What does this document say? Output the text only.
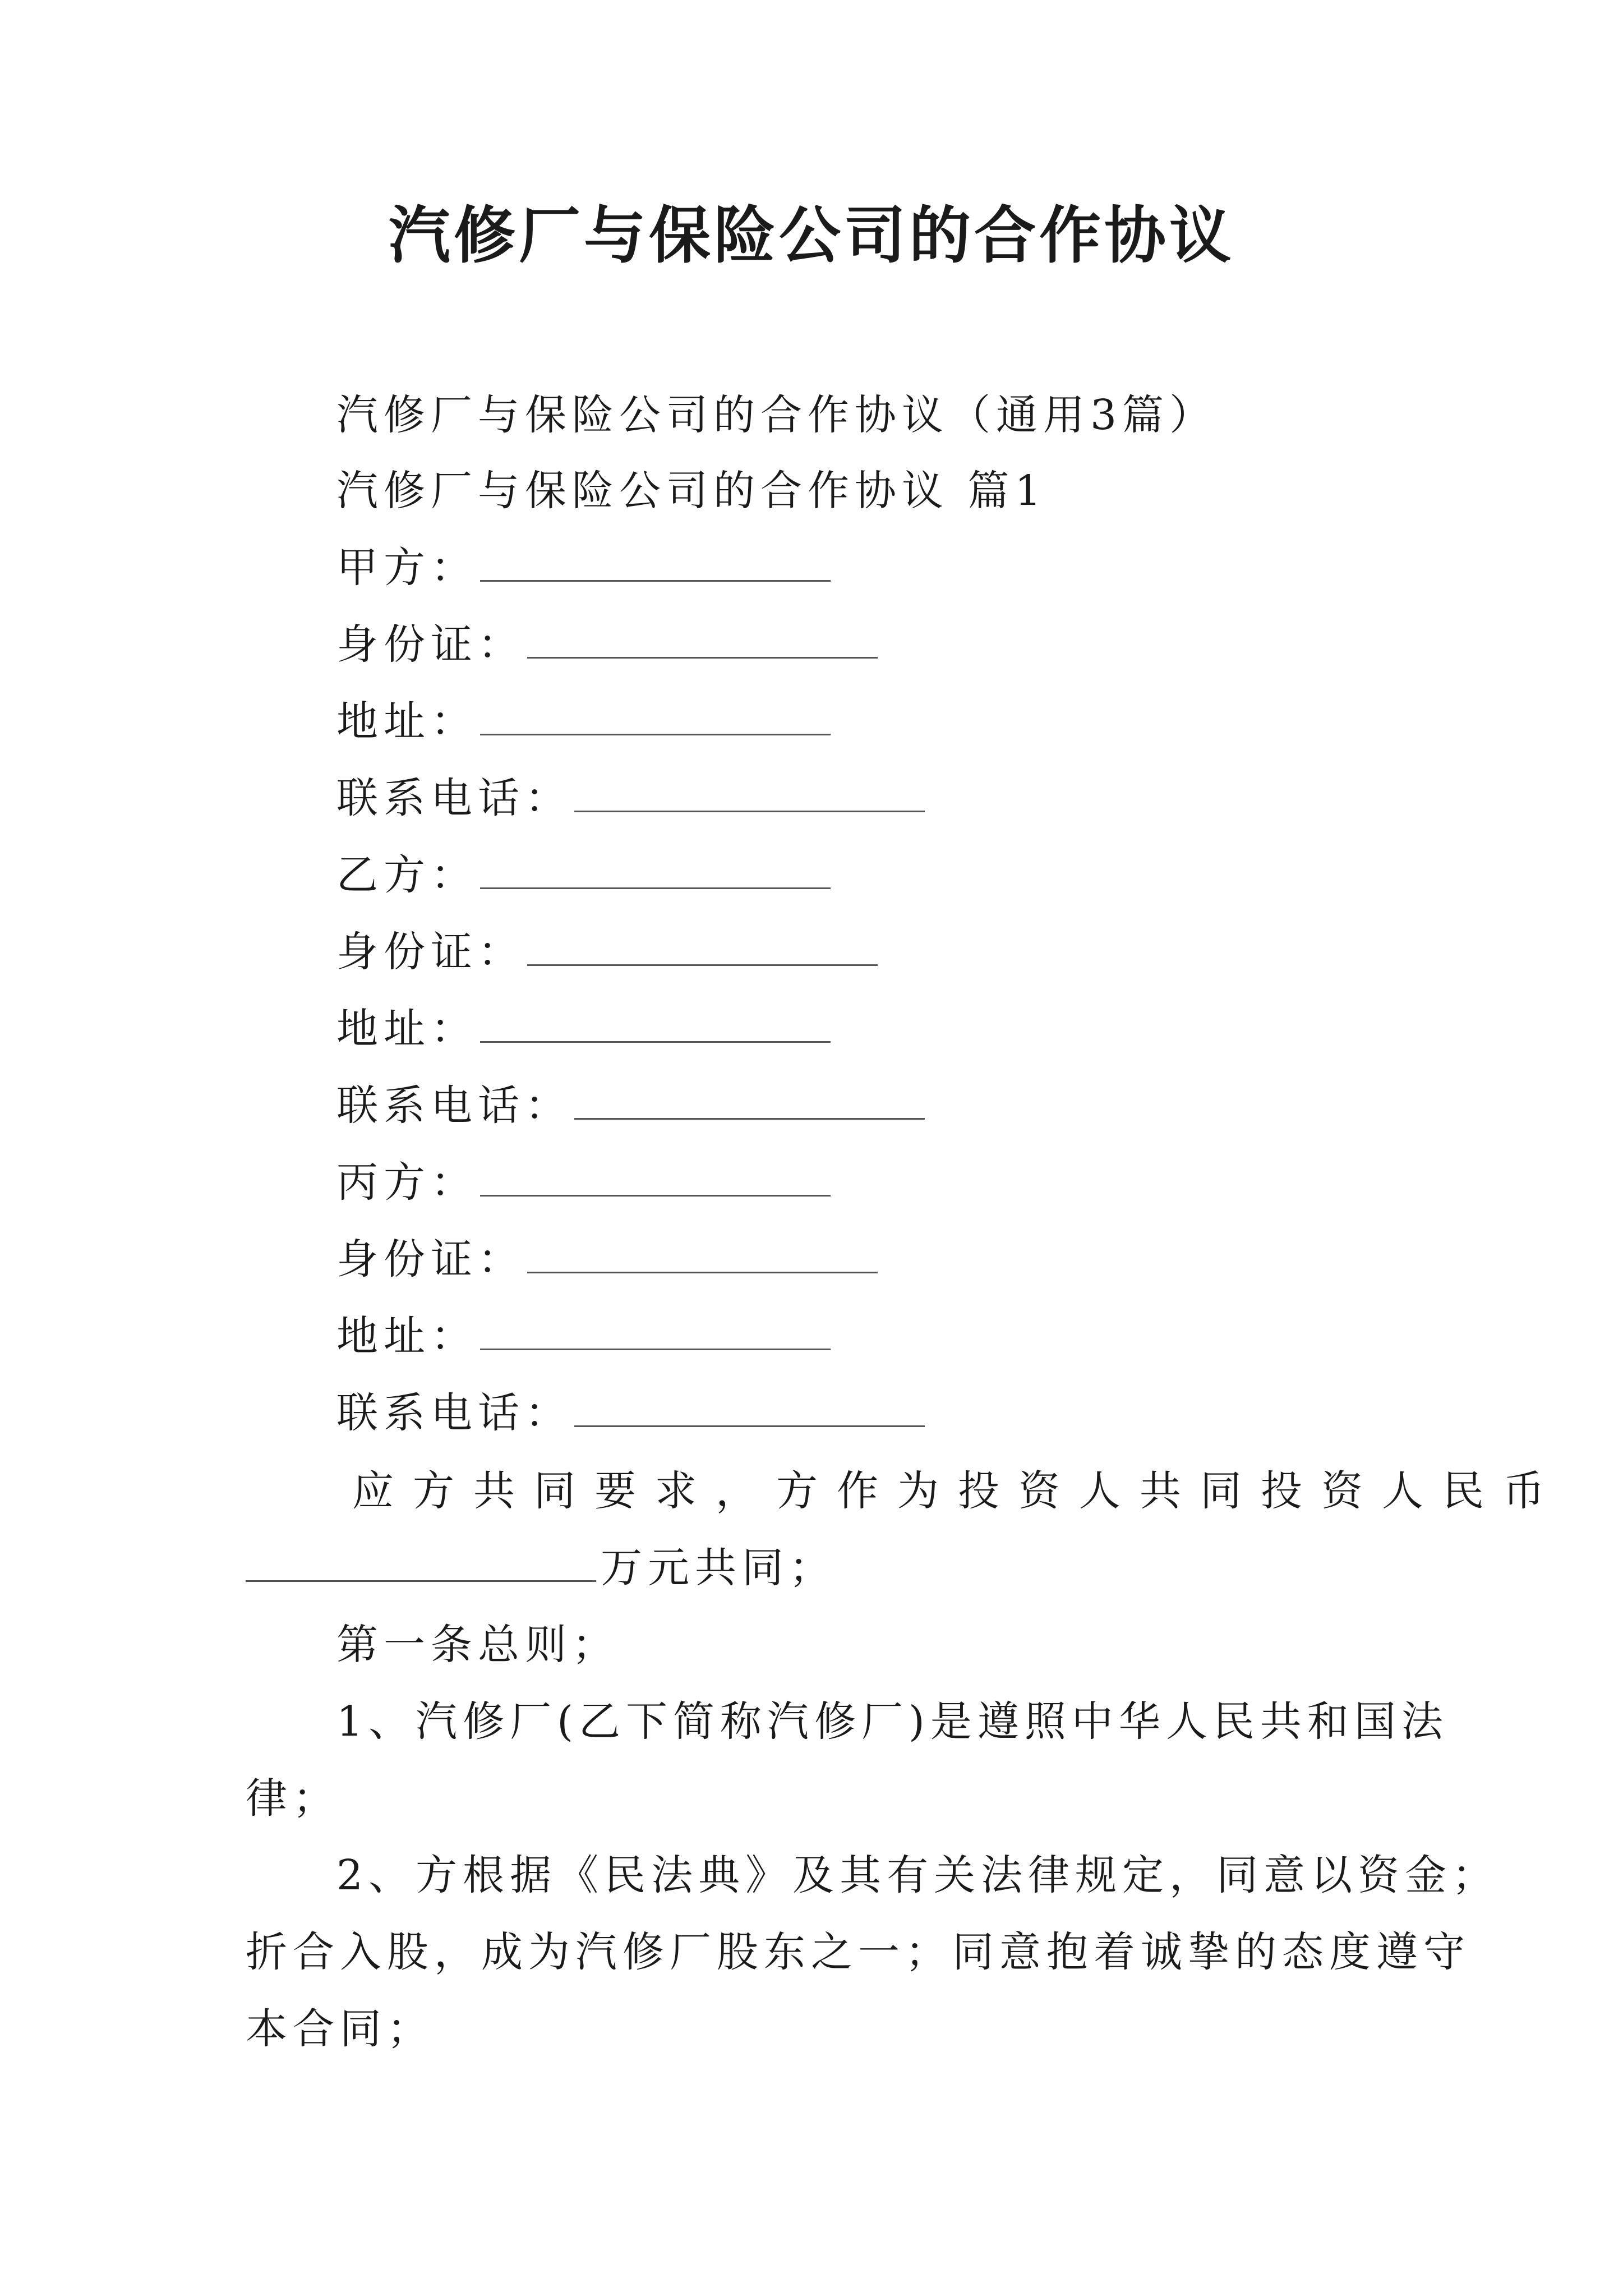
汽修厂与保险公司的合作协议
汽修厂与保险公司的合作协议（通用3篇）
汽修厂与保险公司的合作协议 篇1
甲方：
身份证：
地址：
联系电话：
乙方：
身份证：
地址：
联系电话：
丙方：
身份证：
地址：
联系电话：
应方共同要求，方作为投资人共同投资人民币
万元共同；
第一条总则；
1、汽修厂(乙下简称汽修厂)是遵照中华人民共和国法
律；
2、方根据《民法典》及其有关法律规定，同意以资金；
折合入股，成为汽修厂股东之一；同意抱着诚挚的态度遵守
本合同；
